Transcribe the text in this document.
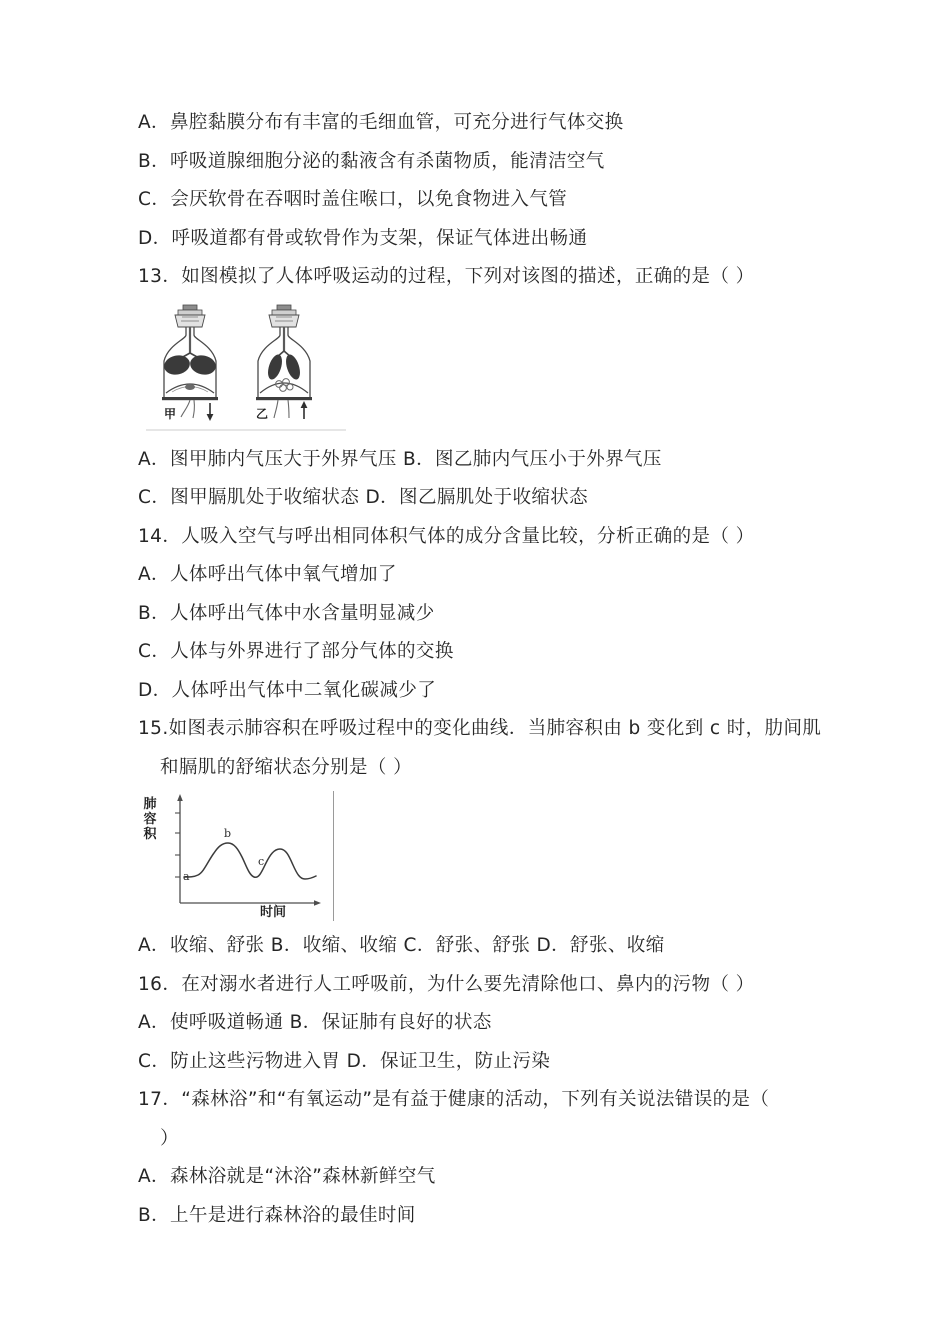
A．鼻腔黏膜分布有丰富的毛细血管，可充分进行气体交换
B．呼吸道腺细胞分泌的黏液含有杀菌物质，能清洁空气
C．会厌软骨在吞咽时盖住喉口，以免食物进入气管
D．呼吸道都有骨或软骨作为支架，保证气体进出畅通
13．如图模拟了人体呼吸运动的过程，下列对该图的描述，正确的是（ ）
甲	乙
A．图甲肺内气压大于外界气压 B．图乙肺内气压小于外界气压
C．图甲膈肌处于收缩状态 D．图乙膈肌处于收缩状态
14．人吸入空气与呼出相同体积气体的成分含量比较，分析正确的是（ ）
A．人体呼出气体中氧气增加了
B．人体呼出气体中水含量明显减少
C．人体与外界进行了部分气体的交换
D．人体呼出气体中二氧化碳减少了
15.如图表示肺容积在呼吸过程中的变化曲线．当肺容积由 b 变化到 c 时，肋间肌
和膈肌的舒缩状态分别是（ ）
a
b
c
肺
容
积
时间
A．收缩、舒张 B．收缩、收缩 C．舒张、舒张 D．舒张、收缩
16．在对溺水者进行人工呼吸前，为什么要先清除他口、鼻内的污物（ ）
A．使呼吸道畅通 B．保证肺有良好的状态
C．防止这些污物进入胃 D．保证卫生，防止污染
17．“森林浴”和“有氧运动”是有益于健康的活动，下列有关说法错误的是（
）
A．森林浴就是“沐浴”森林新鲜空气
B．上午是进行森林浴的最佳时间
